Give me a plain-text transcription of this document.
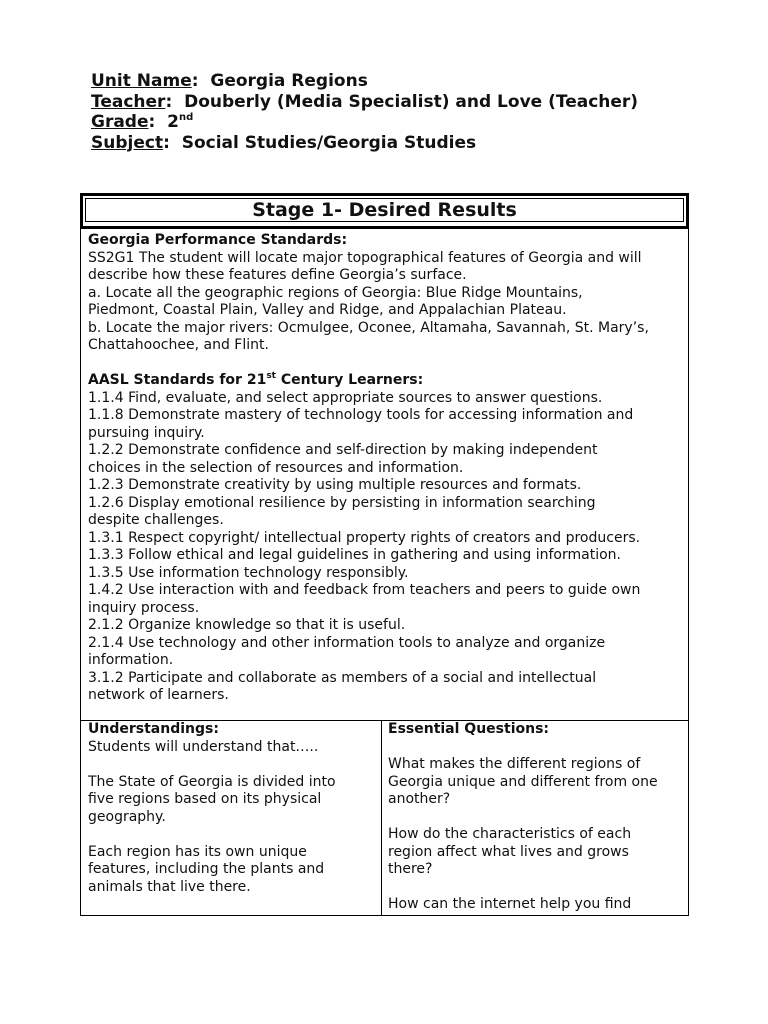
Unit Name:  Georgia Regions
Teacher:  Douberly (Media Specialist) and Love (Teacher)
Grade:  2nd
Subject:  Social Studies/Georgia Studies
Stage 1- Desired Results
Georgia Performance Standards:
SS2G1 The student will locate major topographical features of Georgia and will
describe how these features define Georgia’s surface.
a. Locate all the geographic regions of Georgia: Blue Ridge Mountains,
Piedmont, Coastal Plain, Valley and Ridge, and Appalachian Plateau.
b. Locate the major rivers: Ocmulgee, Oconee, Altamaha, Savannah, St. Mary’s,
Chattahoochee, and Flint.
AASL Standards for 21st Century Learners:
1.1.4 Find, evaluate, and select appropriate sources to answer questions.
1.1.8 Demonstrate mastery of technology tools for accessing information and
pursuing inquiry.
1.2.2 Demonstrate confidence and self-direction by making independent
choices in the selection of resources and information.
1.2.3 Demonstrate creativity by using multiple resources and formats.
1.2.6 Display emotional resilience by persisting in information searching
despite challenges.
1.3.1 Respect copyright/ intellectual property rights of creators and producers.
1.3.3 Follow ethical and legal guidelines in gathering and using information.
1.3.5 Use information technology responsibly.
1.4.2 Use interaction with and feedback from teachers and peers to guide own
inquiry process.
2.1.2 Organize knowledge so that it is useful.
2.1.4 Use technology and other information tools to analyze and organize
information.
3.1.2 Participate and collaborate as members of a social and intellectual
network of learners.
Understandings:
Students will understand that…..
The State of Georgia is divided into
five regions based on its physical
geography.
Each region has its own unique
features, including the plants and
animals that live there.
Essential Questions:
What makes the different regions of
Georgia unique and different from one
another?
How do the characteristics of each
region affect what lives and grows
there?
How can the internet help you find
